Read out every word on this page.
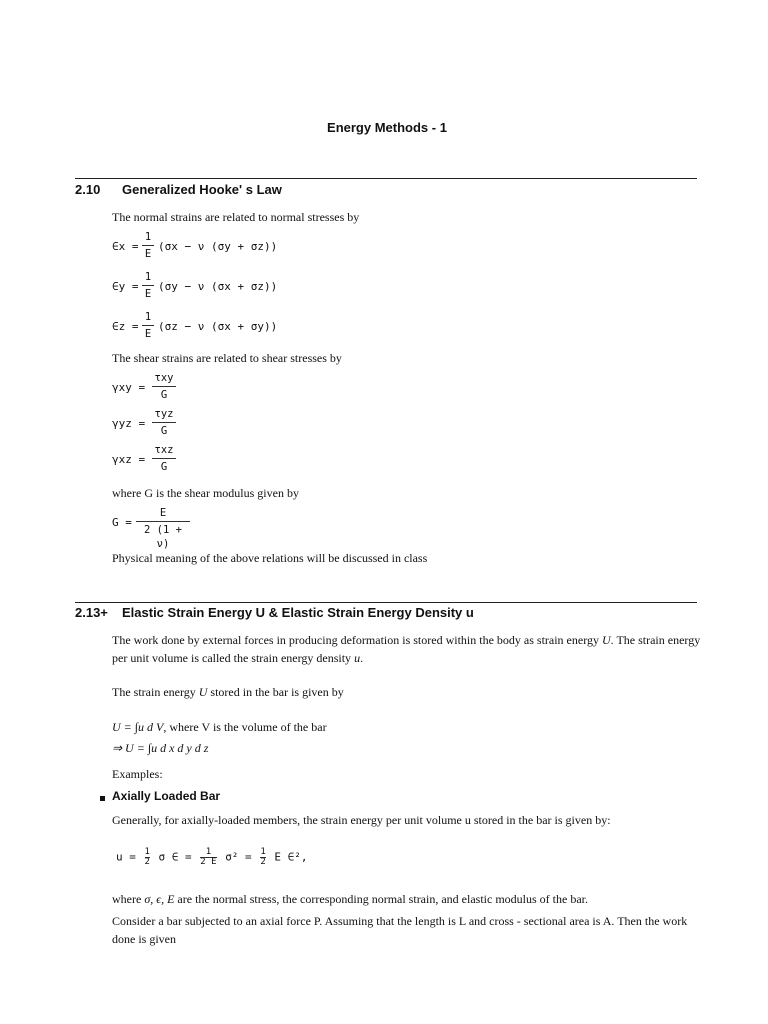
Energy Methods - 1
2.10 Generalized Hooke' s Law
The normal strains are related to normal stresses by
∈x =
1
E
(σx − ν (σy + σz))
∈y =
1
E
(σy − ν (σx + σz))
∈z =
1
E
(σz − ν (σx + σy))
The shear strains are related to shear stresses by
γxy =
τxy
G
γyz =
τyz
G
γxz =
τxz
G
where G is the shear modulus given by
G =
E
2 (1 + ν)
Physical meaning of the above relations will be discussed in class
2.13+ Elastic Strain Energy U & Elastic Strain Energy Density u
The work done by external forces in producing deformation is stored within the body as strain energy U. The strain energy per unit volume is called the strain energy density u.
The strain energy U stored in the bar is given by
U = ∫u d V, where V is the volume of the bar
⇒ U = ∫u d x d y d z
Examples:
Axially Loaded Bar
Generally, for axially-loaded members, the strain energy per unit volume u stored in the bar is given by:
$u = \frac{1}{2}$ σ ∈ = $\frac{1}{2 E} \sigma^2 = \frac{1}{2}$ E ∈²,
where σ, ϵ, E are the normal stress, the corresponding normal strain, and elastic modulus of the bar.
Consider a bar subjected to an axial force P. Assuming that the length is L and cross - sectional area is A. Then the work done is given
